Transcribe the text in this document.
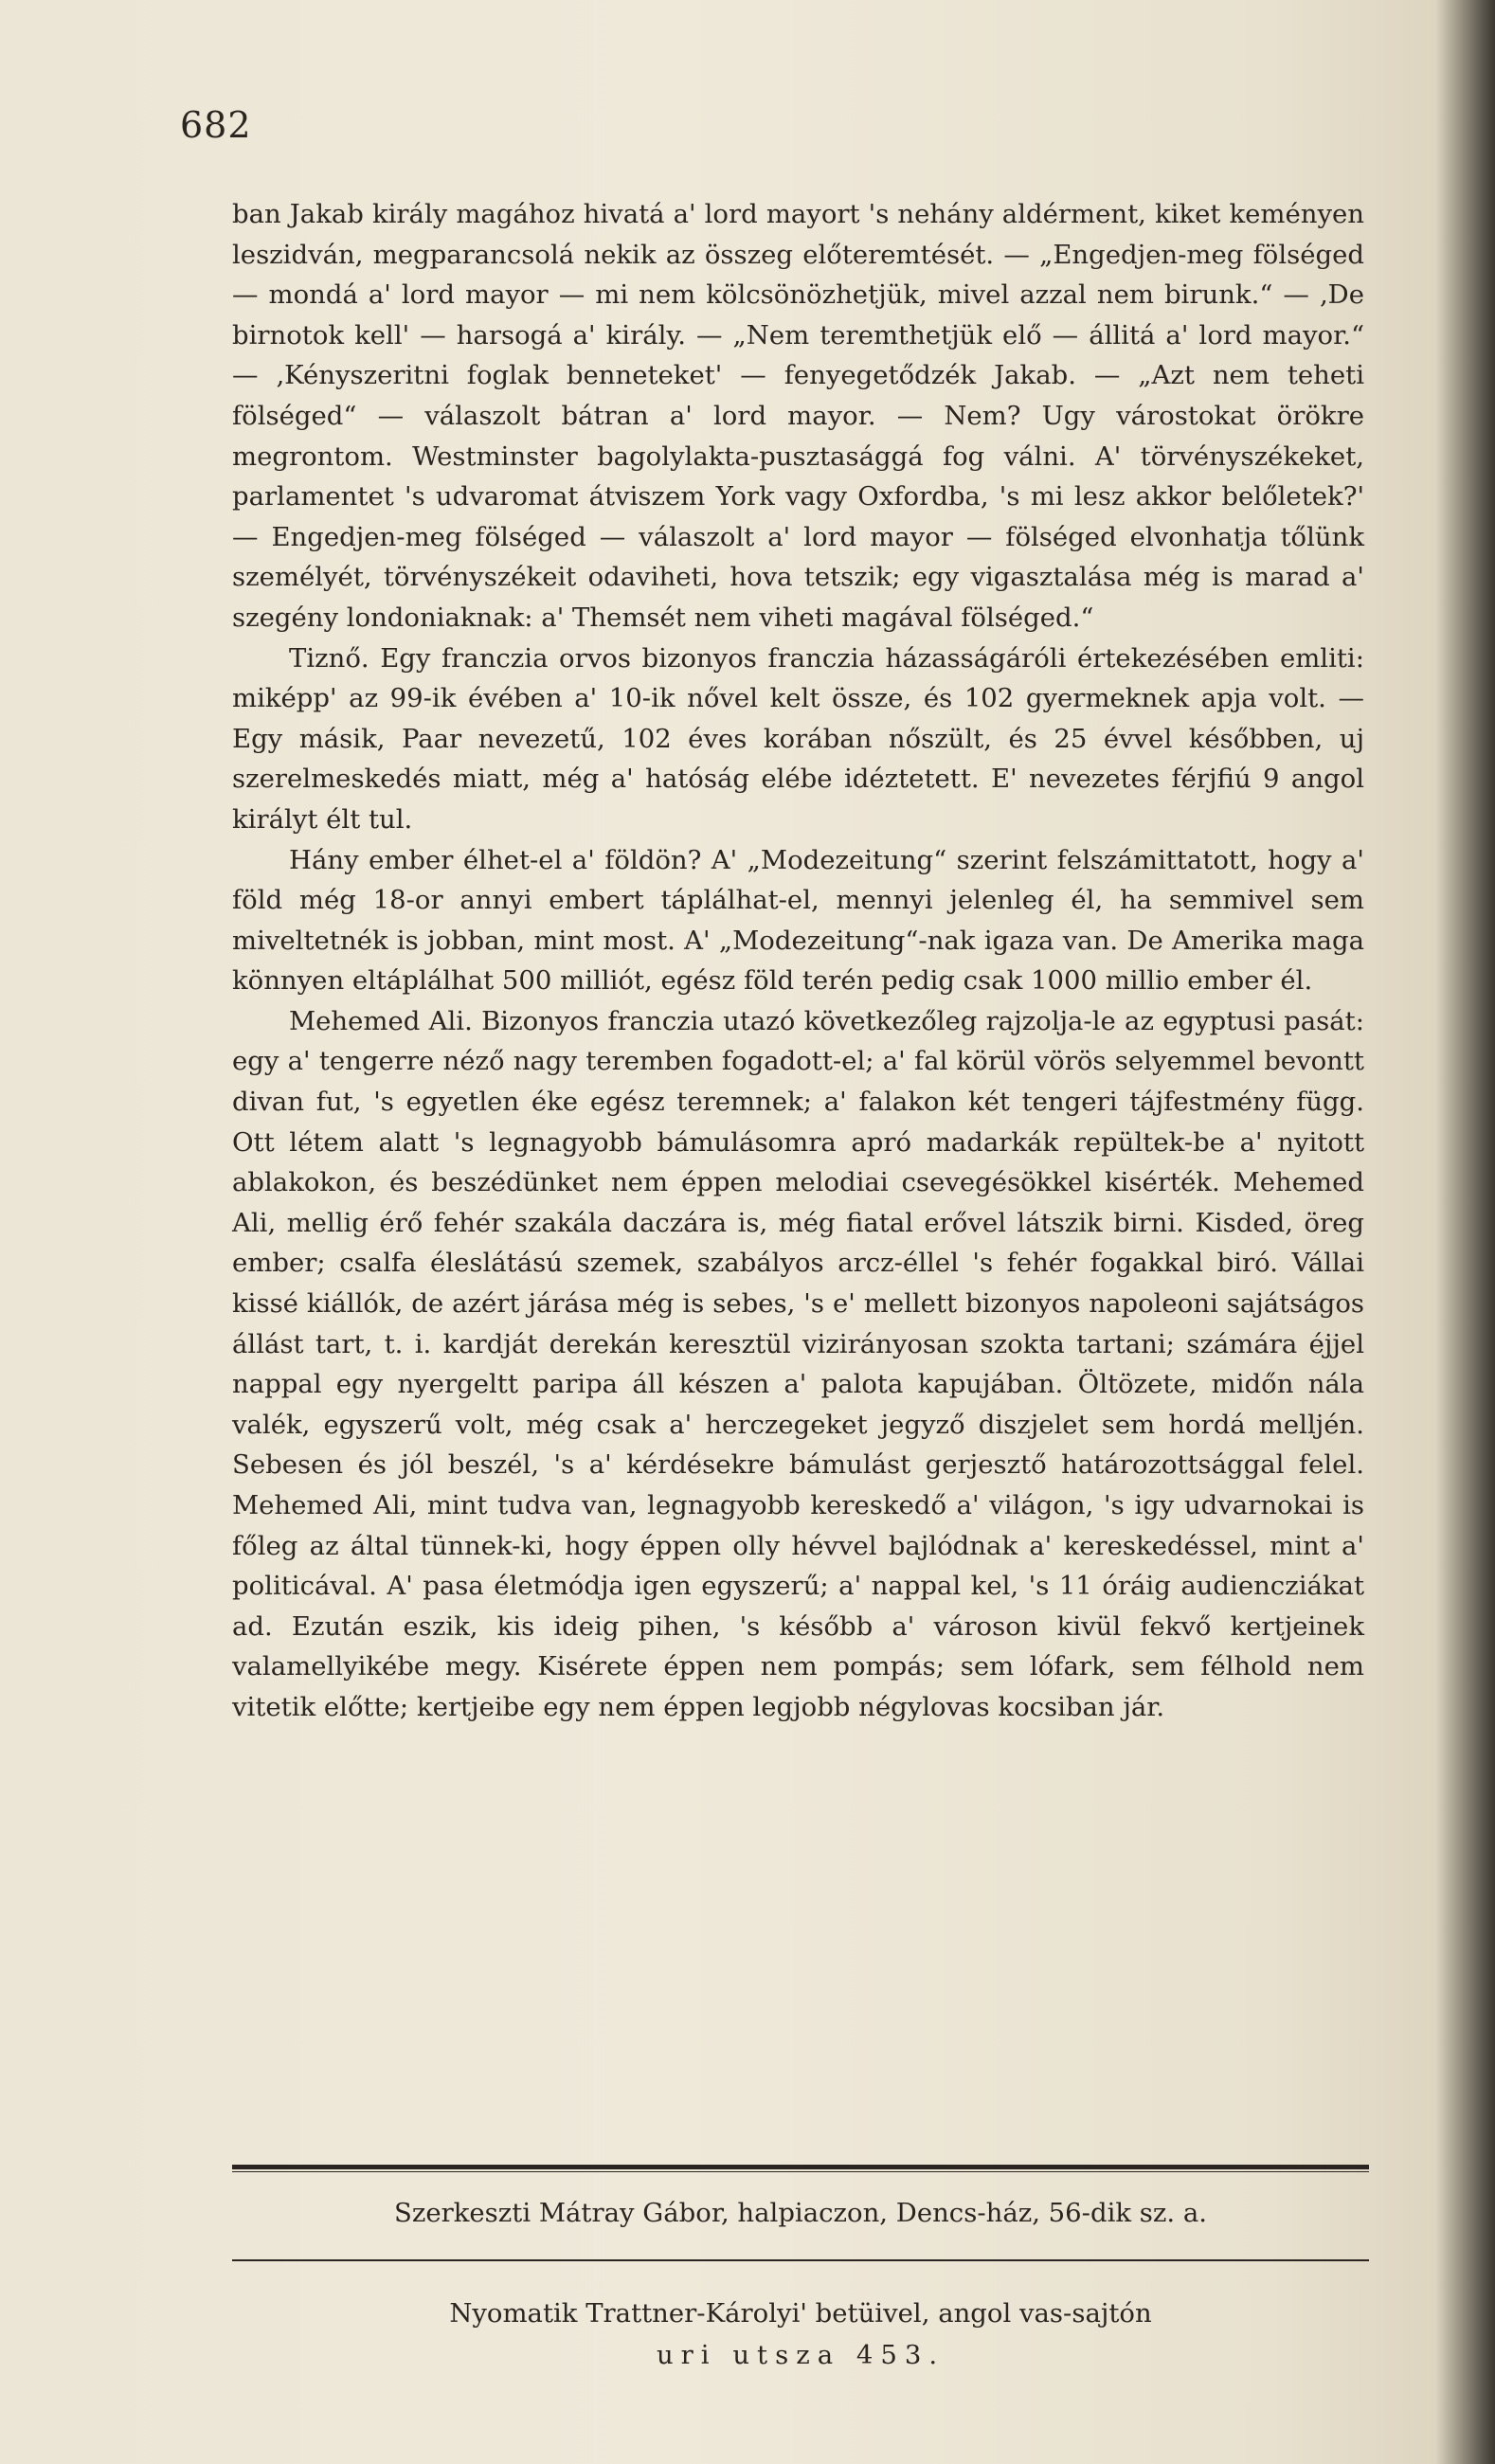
682

ban Jakab király magához hivatá a' lord mayort 's nehány aldérment, kiket keményen leszidván, megparancsolá nekik az összeg előteremtését. — „Engedjen-meg fölséged — mondá a' lord mayor — mi nem kölcsönözhetjük, mivel azzal nem birunk.“ — ‚De birnotok kell' — harsogá a' király. — „Nem teremthetjük elő — állitá a' lord mayor.“ — ‚Kényszeritni foglak benneteket' — fenyegetődzék Jakab. — „Azt nem teheti fölséged“ — válaszolt bátran a' lord mayor. — Nem? Ugy várostokat örökre megrontom. Westminster bagolylakta-pusztasággá fog válni. A' törvényszékeket, parlamentet 's udvaromat átviszem York vagy Oxfordba, 's mi lesz akkor belőletek?' — Engedjen-meg fölséged — válaszolt a' lord mayor — fölséged elvonhatja tőlünk személyét, törvényszékeit odaviheti, hova tetszik; egy vigasztalása még is marad a' szegény londoniaknak: a' Themsét nem viheti magával fölséged.“

Tiznő. Egy franczia orvos bizonyos franczia házasságáróli értekezésében emliti: miképp' az 99-ik évében a' 10-ik nővel kelt össze, és 102 gyermeknek apja volt. — Egy másik, Paar nevezetű, 102 éves korában nőszült, és 25 évvel későbben, uj szerelmeskedés miatt, még a' hatóság elébe idéztetett. E' nevezetes férjfiú 9 angol királyt élt tul.

Hány ember élhet-el a' földön? A' „Modezeitung“ szerint felszámittatott, hogy a' föld még 18-or annyi embert táplálhat-el, mennyi jelenleg él, ha semmivel sem miveltetnék is jobban, mint most. A' „Modezeitung“-nak igaza van. De Amerika maga könnyen eltáplálhat 500 milliót, egész föld terén pedig csak 1000 millio ember él.

Mehemed Ali. Bizonyos franczia utazó következőleg rajzolja-le az egyptusi pasát: egy a' tengerre néző nagy teremben fogadott-el; a' fal körül vörös selyemmel bevontt divan fut, 's egyetlen éke egész teremnek; a' falakon két tengeri tájfestmény függ. Ott létem alatt 's legnagyobb bámulásomra apró madarkák repültek-be a' nyitott ablakokon, és beszédünket nem éppen melodiai csevegésökkel kisérték. Mehemed Ali, mellig érő fehér szakála daczára is, még fiatal erővel látszik birni. Kisded, öreg ember; csalfa éleslátású szemek, szabályos arcz-éllel 's fehér fogakkal biró. Vállai kissé kiállók, de azért járása még is sebes, 's e' mellett bizonyos napoleoni sajátságos állást tart, t. i. kardját derekán keresztül vizirányosan szokta tartani; számára éjjel nappal egy nyergeltt paripa áll készen a' palota kapujában. Öltözete, midőn nála valék, egyszerű volt, még csak a' herczegeket jegyző diszjelet sem hordá melljén. Sebesen és jól beszél, 's a' kérdésekre bámulást gerjesztő határozottsággal felel. Mehemed Ali, mint tudva van, legnagyobb kereskedő a' világon, 's igy udvarnokai is főleg az által tünnek-ki, hogy éppen olly hévvel bajlódnak a' kereskedéssel, mint a' politicával. A' pasa életmódja igen egyszerű; a' nappal kel, 's 11 óráig audiencziákat ad. Ezután eszik, kis ideig pihen, 's később a' városon kivül fekvő kertjeinek valamellyikébe megy. Kisérete éppen nem pompás; sem lófark, sem félhold nem vitetik előtte; kertjeibe egy nem éppen legjobb négylovas kocsiban jár.

Szerkeszti Mátray Gábor, halpiaczon, Dencs-ház, 56-dik sz. a.
Nyomatik Trattner-Károlyi' betüivel, angol vas-sajtón
uri utsza 453.
